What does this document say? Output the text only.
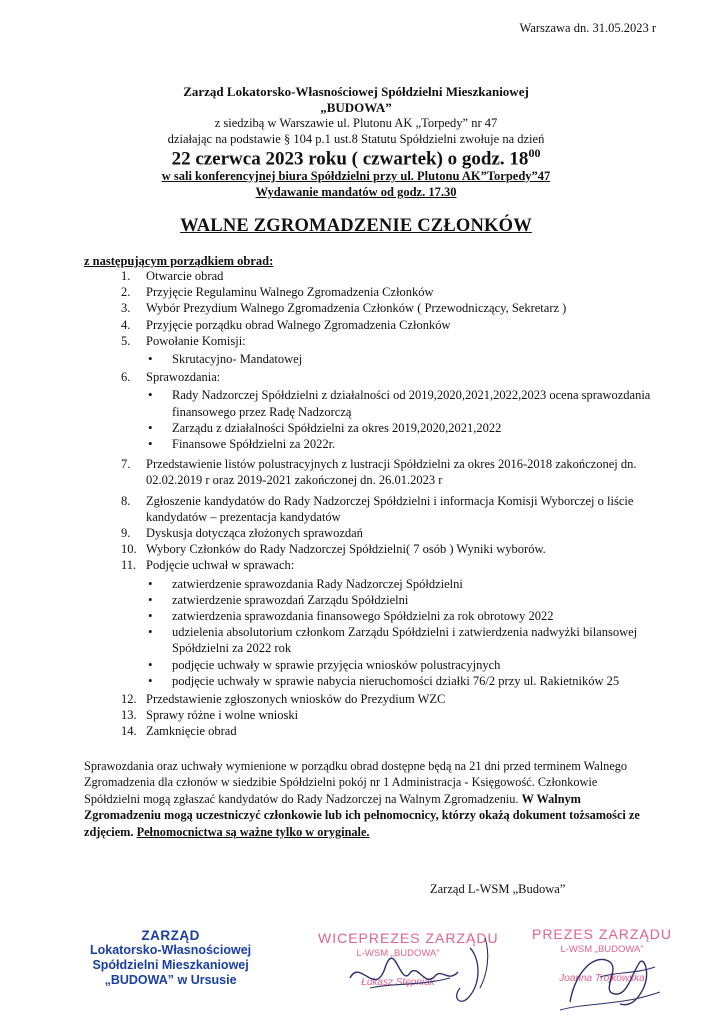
Warszawa dn. 31.05.2023 r
Zarząd Lokatorsko-Własnościowej Spółdzielni Mieszkaniowej
„BUDOWA”
z siedzibą w Warszawie ul. Plutonu AK „Torpedy” nr 47
działając na podstawie § 104 p.1 ust.8 Statutu Spółdzielni zwołuje na dzień
22 czerwca 2023 roku ( czwartek) o godz. $18^{00}$
w sali konferencyjnej biura Spółdzielni przy ul. Plutonu AK”Torpedy”47
Wydawanie mandatów od godz. 17.30
WALNE ZGROMADZENIE CZŁONKÓW
z następującym porządkiem obrad:
1. Otwarcie obrad
2. Przyjęcie Regulaminu Walnego Zgromadzenia Członków
3. Wybór Prezydium Walnego Zgromadzenia Członków ( Przewodniczący, Sekretarz )
4. Przyjęcie porządku obrad Walnego Zgromadzenia Członków
5. Powołanie Komisji:
• Skrutacyjno- Mandatowej
6. Sprawozdania:
• Rady Nadzorczej Spółdzielni z działalności od 2019,2020,2021,2022,2023 ocena sprawozdania finansowego przez Radę Nadzorczą
• Zarządu z działalności Spółdzielni za okres 2019,2020,2021,2022
• Finansowe Spółdzielni za 2022r.
7. Przedstawienie listów polustracyjnych z lustracji Spółdzielni za okres 2016-2018 zakończonej dn. 02.02.2019 r oraz 2019-2021 zakończonej dn. 26.01.2023 r
8. Zgłoszenie kandydatów do Rady Nadzorczej Spółdzielni i informacja Komisji Wyborczej o liście kandydatów – prezentacja kandydatów
9. Dyskusja dotycząca złożonych sprawozdań
10. Wybory Członków do Rady Nadzorczej Spółdzielni( 7 osób ) Wyniki wyborów.
11. Podjęcie uchwał w sprawach:
• zatwierdzenie sprawozdania Rady Nadzorczej Spółdzielni
• zatwierdzenie sprawozdań Zarządu Spółdzielni
• zatwierdzenia sprawozdania finansowego Spółdzielni za rok obrotowy 2022
• udzielenia absolutorium członkom Zarządu Spółdzielni i zatwierdzenia nadwyżki bilansowej Spółdzielni za 2022 rok
• podjęcie uchwały w sprawie przyjęcia wniosków polustracyjnych
• podjęcie uchwały w sprawie nabycia nieruchomości działki 76/2 przy ul. Rakietników 25
12. Przedstawienie zgłoszonych wniosków do Prezydium WZC
13. Sprawy różne i wolne wnioski
14. Zamknięcie obrad

Sprawozdania oraz uchwały wymienione w porządku obrad dostępne będą na 21 dni przed terminem Walnego Zgromadzenia dla członów w siedzibie Spółdzielni pokój nr 1 Administracja - Księgowość. Członkowie Spółdzielni mogą zgłaszać kandydatów do Rady Nadzorczej na Walnym Zgromadzeniu. W Walnym Zgromadzeniu mogą uczestniczyć członkowie lub ich pełnomocnicy, którzy okażą dokument tożsamości ze zdjęciem. Pełnomocnictwa są ważne tylko w oryginale.

Zarząd L-WSM „Budowa”
ZARZĄD
Lokatorsko-Własnościowej
Spółdzielni Mieszkaniowej
„BUDOWA” w Ursusie
WICEPREZES ZARZĄDU
L-WSM „BUDOWA”
Łukasz Stępniak
PREZES ZARZĄDU
L-WSM „BUDOWA”
Joanna Trojkowska
